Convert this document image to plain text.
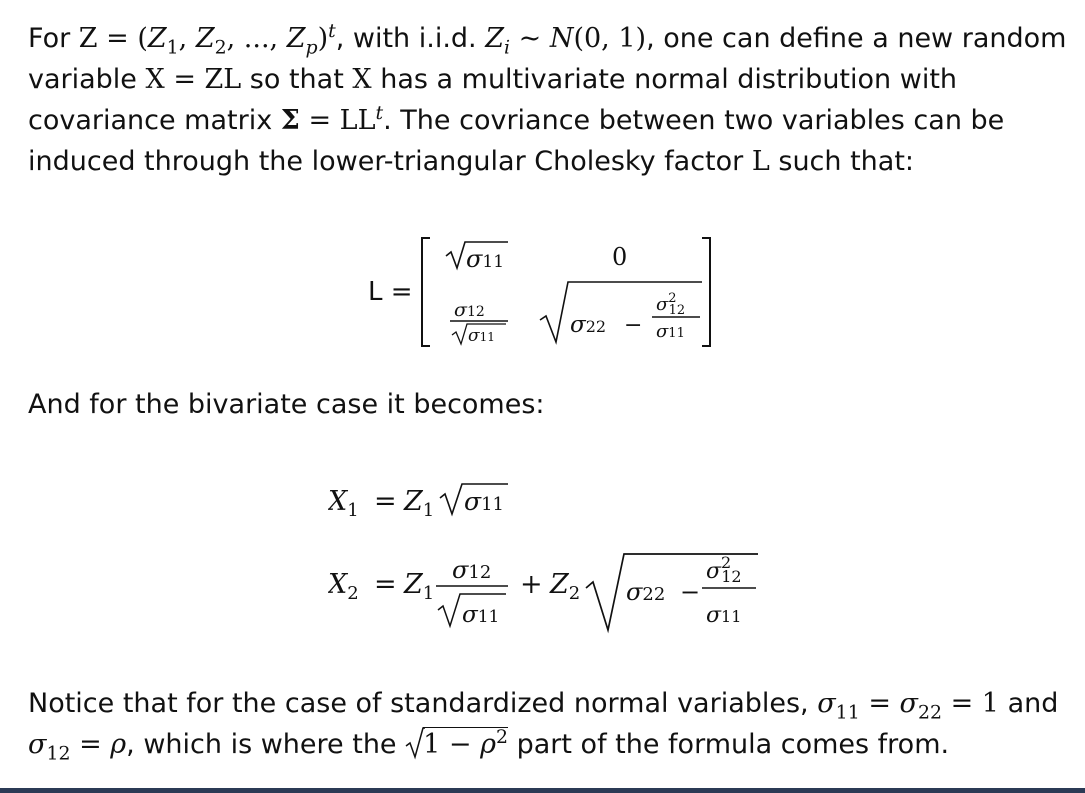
For $Z = (Z_1$, $Z_2$, ..., $Z_p)^t$, with i.i.d. $Z_i$ ~ N(0, 1), one can define a new random variable X = ZL so that X has a multivariate normal distribution with covariance matrix $\Sigma = LL^t$. The covriance between two variables can be induced through the lower-triangular Cholesky factor L such that:

L =
σ11	0
σ12
σ11	σ22 −
$\sigma^2$ 12
σ11

And for the bivariate case it becomes:

$X_1 = Z_1$ σ11
$X_2 = Z_1$
σ12
σ11
+ $Z_2$ σ22 −
$\sigma^2$ 12
σ11

Notice that for the case of standardized normal variables, $\sigma_{11} = \sigma_{22} = 1$ and $\sigma_{12} = \rho$, which is where the
$1 - \rho^2$ part of the formula comes from.
